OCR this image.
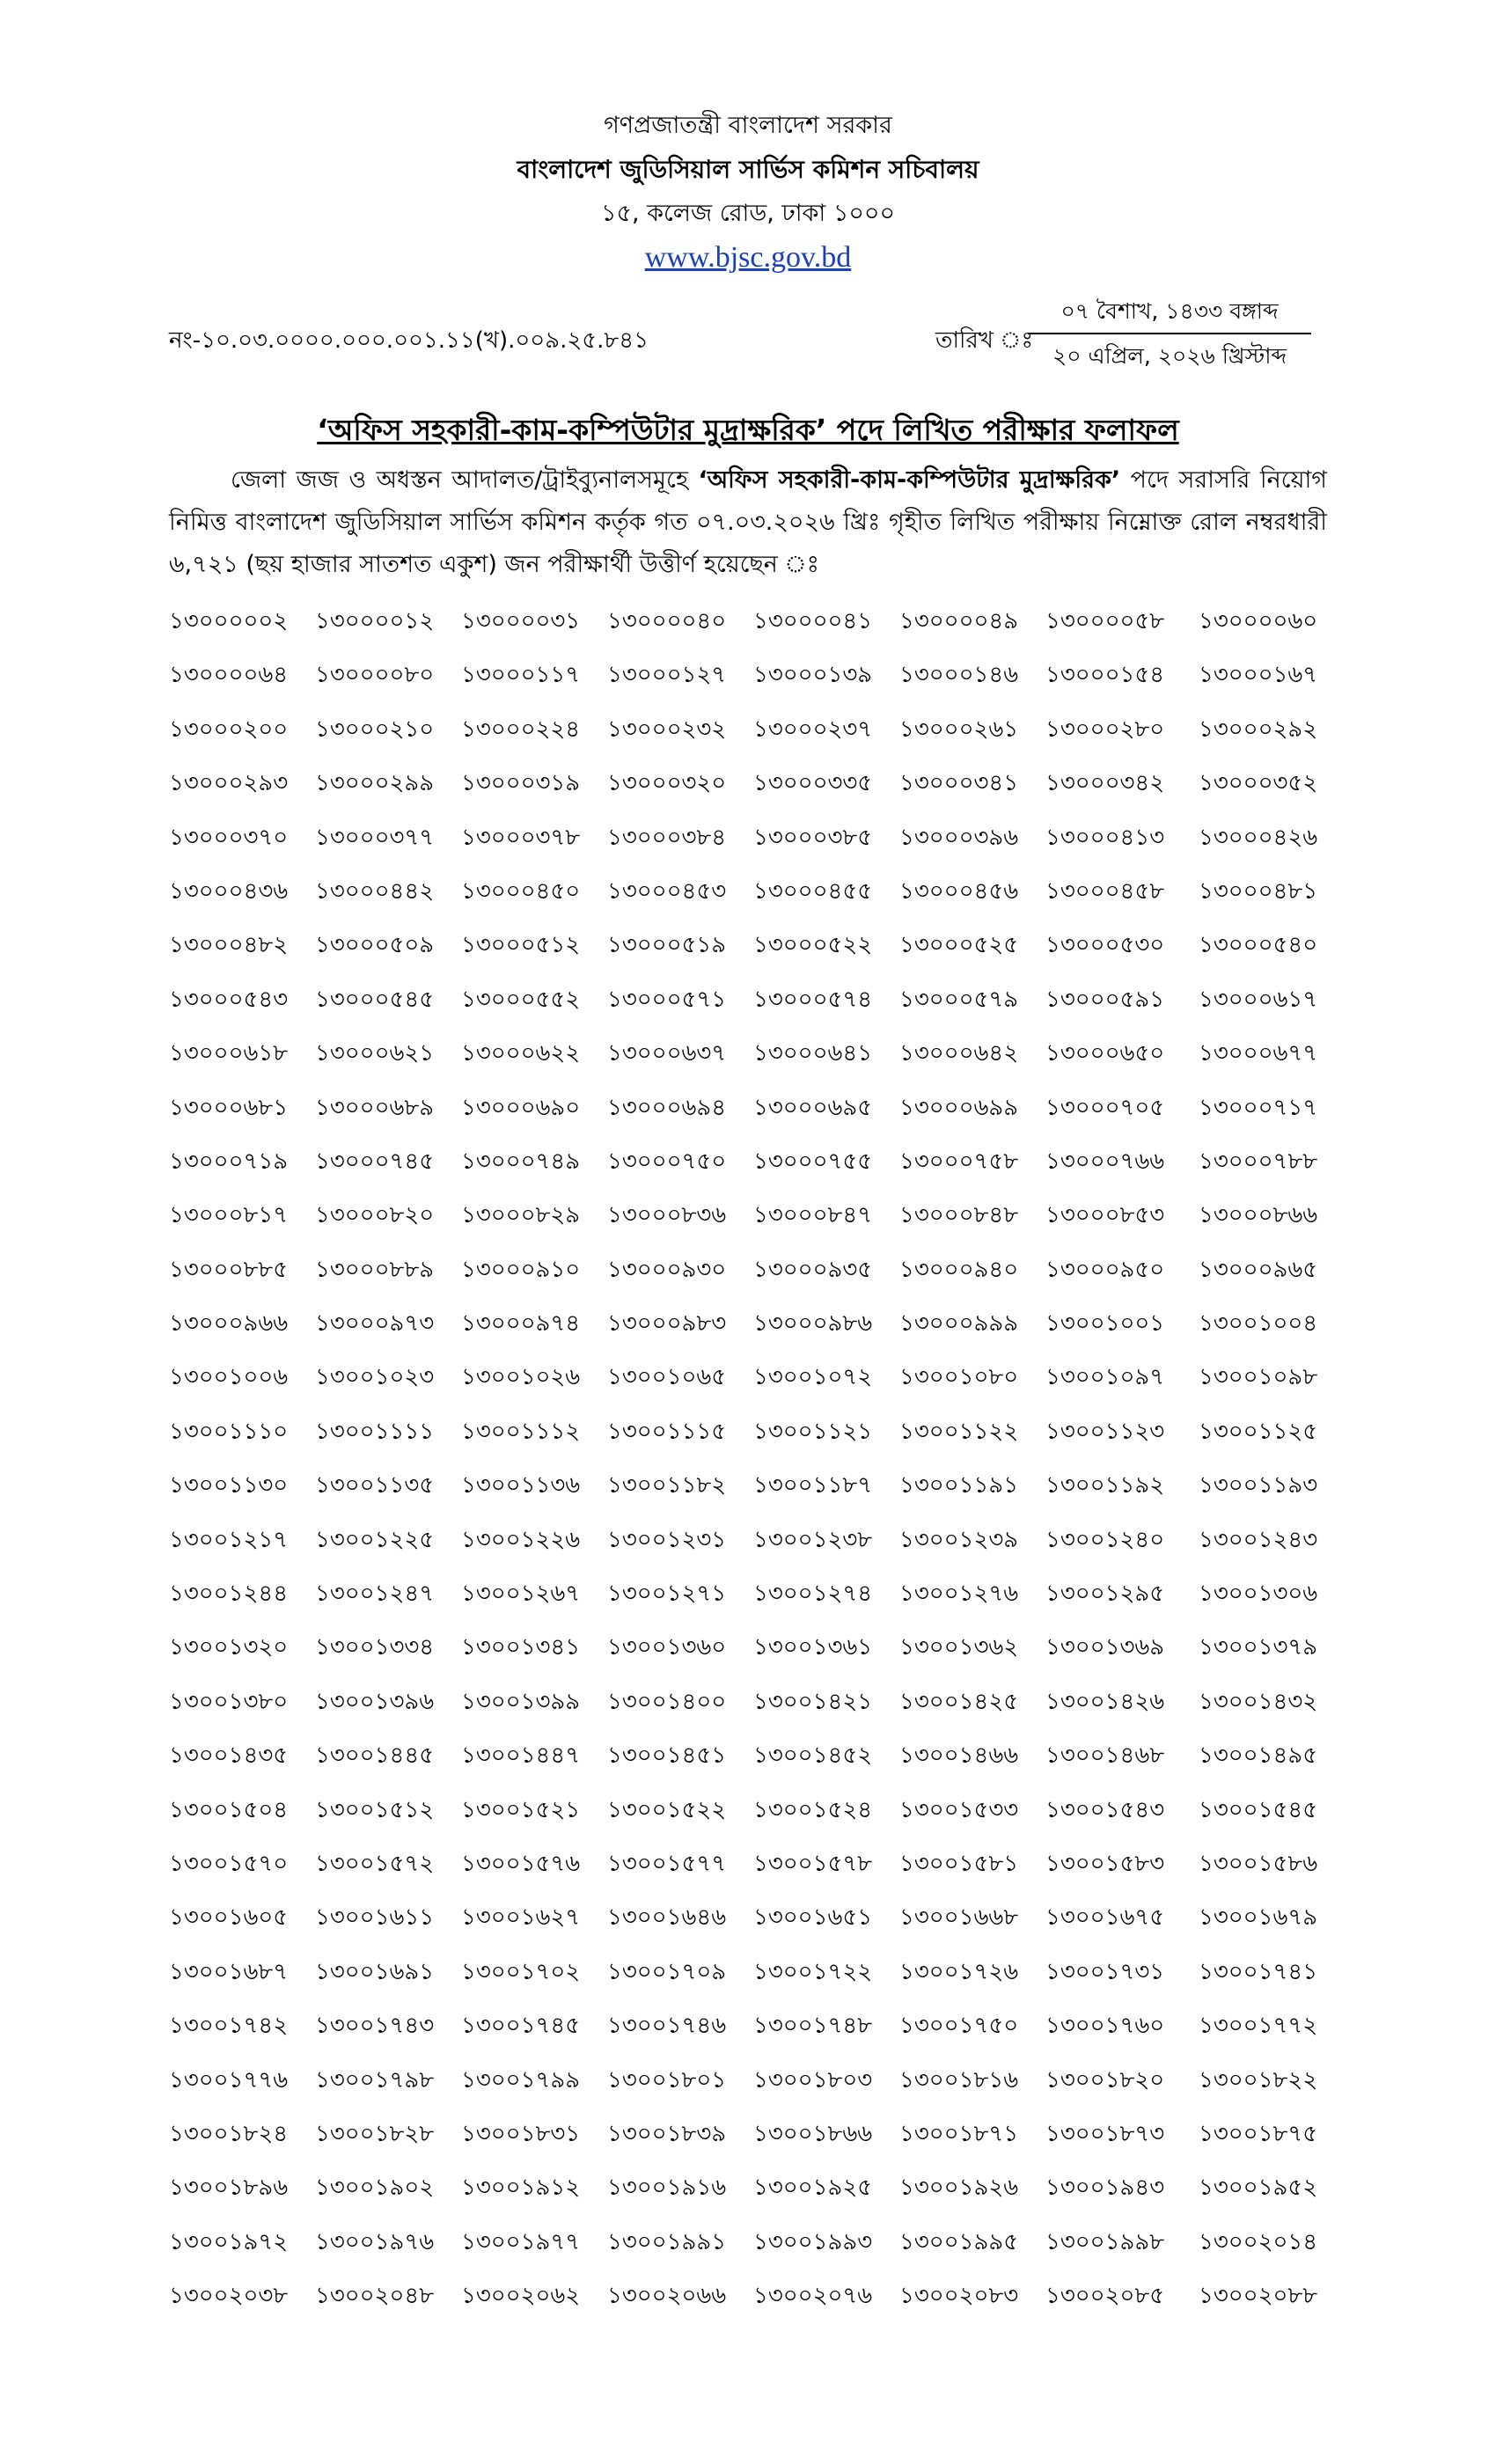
গণপ্রজাতন্ত্রী বাংলাদেশ সরকার
বাংলাদেশ জুডিসিয়াল সার্ভিস কমিশন সচিবালয়
১৫, কলেজ রোড, ঢাকা ১০০০
www.bjsc.gov.bd
নং-১০.০৩.০০০০.০০০.০০১.১১(খ).০০৯.২৫.৮৪১	তারিখ ঃ
০৭ বৈশাখ, ১৪৩৩ বঙ্গাব্দ
২০ এপ্রিল, ২০২৬ খ্রিস্টাব্দ
‘অফিস সহকারী-কাম-কম্পিউটার মুদ্রাক্ষরিক’ পদে লিখিত পরীক্ষার ফলাফল
জেলা জজ ও অধস্তন আদালত/ট্রাইব্যুনালসমূহে ‘অফিস সহকারী-কাম-কম্পিউটার মুদ্রাক্ষরিক’ পদে সরাসরি নিয়োগ নিমিত্ত বাংলাদেশ জুডিসিয়াল সার্ভিস কমিশন কর্তৃক গত ০৭.০৩.২০২৬ খ্রিঃ গৃহীত লিখিত পরীক্ষায় নিম্নোক্ত রোল নম্বরধারী ৬,৭২১ (ছয় হাজার সাতশত একুশ) জন পরীক্ষার্থী উত্তীর্ণ হয়েছেন ঃ
১৩০০০০০২ ১৩০০০০১২ ১৩০০০০৩১ ১৩০০০০৪০ ১৩০০০০৪১ ১৩০০০০৪৯ ১৩০০০০৫৮ ১৩০০০০৬০
১৩০০০০৬৪ ১৩০০০০৮০ ১৩০০০১১৭ ১৩০০০১২৭ ১৩০০০১৩৯ ১৩০০০১৪৬ ১৩০০০১৫৪ ১৩০০০১৬৭
১৩০০০২০০ ১৩০০০২১০ ১৩০০০২২৪ ১৩০০০২৩২ ১৩০০০২৩৭ ১৩০০০২৬১ ১৩০০০২৮০ ১৩০০০২৯২
১৩০০০২৯৩ ১৩০০০২৯৯ ১৩০০০৩১৯ ১৩০০০৩২০ ১৩০০০৩৩৫ ১৩০০০৩৪১ ১৩০০০৩৪২ ১৩০০০৩৫২
১৩০০০৩৭০ ১৩০০০৩৭৭ ১৩০০০৩৭৮ ১৩০০০৩৮৪ ১৩০০০৩৮৫ ১৩০০০৩৯৬ ১৩০০০৪১৩ ১৩০০০৪২৬
১৩০০০৪৩৬ ১৩০০০৪৪২ ১৩০০০৪৫০ ১৩০০০৪৫৩ ১৩০০০৪৫৫ ১৩০০০৪৫৬ ১৩০০০৪৫৮ ১৩০০০৪৮১
১৩০০০৪৮২ ১৩০০০৫০৯ ১৩০০০৫১২ ১৩০০০৫১৯ ১৩০০০৫২২ ১৩০০০৫২৫ ১৩০০০৫৩০ ১৩০০০৫৪০
১৩০০০৫৪৩ ১৩০০০৫৪৫ ১৩০০০৫৫২ ১৩০০০৫৭১ ১৩০০০৫৭৪ ১৩০০০৫৭৯ ১৩০০০৫৯১ ১৩০০০৬১৭
১৩০০০৬১৮ ১৩০০০৬২১ ১৩০০০৬২২ ১৩০০০৬৩৭ ১৩০০০৬৪১ ১৩০০০৬৪২ ১৩০০০৬৫০ ১৩০০০৬৭৭
১৩০০০৬৮১ ১৩০০০৬৮৯ ১৩০০০৬৯০ ১৩০০০৬৯৪ ১৩০০০৬৯৫ ১৩০০০৬৯৯ ১৩০০০৭০৫ ১৩০০০৭১৭
১৩০০০৭১৯ ১৩০০০৭৪৫ ১৩০০০৭৪৯ ১৩০০০৭৫০ ১৩০০০৭৫৫ ১৩০০০৭৫৮ ১৩০০০৭৬৬ ১৩০০০৭৮৮
১৩০০০৮১৭ ১৩০০০৮২০ ১৩০০০৮২৯ ১৩০০০৮৩৬ ১৩০০০৮৪৭ ১৩০০০৮৪৮ ১৩০০০৮৫৩ ১৩০০০৮৬৬
১৩০০০৮৮৫ ১৩০০০৮৮৯ ১৩০০০৯১০ ১৩০০০৯৩০ ১৩০০০৯৩৫ ১৩০০০৯৪০ ১৩০০০৯৫০ ১৩০০০৯৬৫
১৩০০০৯৬৬ ১৩০০০৯৭৩ ১৩০০০৯৭৪ ১৩০০০৯৮৩ ১৩০০০৯৮৬ ১৩০০০৯৯৯ ১৩০০১০০১ ১৩০০১০০৪
১৩০০১০০৬ ১৩০০১০২৩ ১৩০০১০২৬ ১৩০০১০৬৫ ১৩০০১০৭২ ১৩০০১০৮০ ১৩০০১০৯৭ ১৩০০১০৯৮
১৩০০১১১০ ১৩০০১১১১ ১৩০০১১১২ ১৩০০১১১৫ ১৩০০১১২১ ১৩০০১১২২ ১৩০০১১২৩ ১৩০০১১২৫
১৩০০১১৩০ ১৩০০১১৩৫ ১৩০০১১৩৬ ১৩০০১১৮২ ১৩০০১১৮৭ ১৩০০১১৯১ ১৩০০১১৯২ ১৩০০১১৯৩
১৩০০১২১৭ ১৩০০১২২৫ ১৩০০১২২৬ ১৩০০১২৩১ ১৩০০১২৩৮ ১৩০০১২৩৯ ১৩০০১২৪০ ১৩০০১২৪৩
১৩০০১২৪৪ ১৩০০১২৪৭ ১৩০০১২৬৭ ১৩০০১২৭১ ১৩০০১২৭৪ ১৩০০১২৭৬ ১৩০০১২৯৫ ১৩০০১৩০৬
১৩০০১৩২০ ১৩০০১৩৩৪ ১৩০০১৩৪১ ১৩০০১৩৬০ ১৩০০১৩৬১ ১৩০০১৩৬২ ১৩০০১৩৬৯ ১৩০০১৩৭৯
১৩০০১৩৮০ ১৩০০১৩৯৬ ১৩০০১৩৯৯ ১৩০০১৪০০ ১৩০০১৪২১ ১৩০০১৪২৫ ১৩০০১৪২৬ ১৩০০১৪৩২
১৩০০১৪৩৫ ১৩০০১৪৪৫ ১৩০০১৪৪৭ ১৩০০১৪৫১ ১৩০০১৪৫২ ১৩০০১৪৬৬ ১৩০০১৪৬৮ ১৩০০১৪৯৫
১৩০০১৫০৪ ১৩০০১৫১২ ১৩০০১৫২১ ১৩০০১৫২২ ১৩০০১৫২৪ ১৩০০১৫৩৩ ১৩০০১৫৪৩ ১৩০০১৫৪৫
১৩০০১৫৭০ ১৩০০১৫৭২ ১৩০০১৫৭৬ ১৩০০১৫৭৭ ১৩০০১৫৭৮ ১৩০০১৫৮১ ১৩০০১৫৮৩ ১৩০০১৫৮৬
১৩০০১৬০৫ ১৩০০১৬১১ ১৩০০১৬২৭ ১৩০০১৬৪৬ ১৩০০১৬৫১ ১৩০০১৬৬৮ ১৩০০১৬৭৫ ১৩০০১৬৭৯
১৩০০১৬৮৭ ১৩০০১৬৯১ ১৩০০১৭০২ ১৩০০১৭০৯ ১৩০০১৭২২ ১৩০০১৭২৬ ১৩০০১৭৩১ ১৩০০১৭৪১
১৩০০১৭৪২ ১৩০০১৭৪৩ ১৩০০১৭৪৫ ১৩০০১৭৪৬ ১৩০০১৭৪৮ ১৩০০১৭৫০ ১৩০০১৭৬০ ১৩০০১৭৭২
১৩০০১৭৭৬ ১৩০০১৭৯৮ ১৩০০১৭৯৯ ১৩০০১৮০১ ১৩০০১৮০৩ ১৩০০১৮১৬ ১৩০০১৮২০ ১৩০০১৮২২
১৩০০১৮২৪ ১৩০০১৮২৮ ১৩০০১৮৩১ ১৩০০১৮৩৯ ১৩০০১৮৬৬ ১৩০০১৮৭১ ১৩০০১৮৭৩ ১৩০০১৮৭৫
১৩০০১৮৯৬ ১৩০০১৯০২ ১৩০০১৯১২ ১৩০০১৯১৬ ১৩০০১৯২৫ ১৩০০১৯২৬ ১৩০০১৯৪৩ ১৩০০১৯৫২
১৩০০১৯৭২ ১৩০০১৯৭৬ ১৩০০১৯৭৭ ১৩০০১৯৯১ ১৩০০১৯৯৩ ১৩০০১৯৯৫ ১৩০০১৯৯৮ ১৩০০২০১৪
১৩০০২০৩৮ ১৩০০২০৪৮ ১৩০০২০৬২ ১৩০০২০৬৬ ১৩০০২০৭৬ ১৩০০২০৮৩ ১৩০০২০৮৫ ১৩০০২০৮৮
